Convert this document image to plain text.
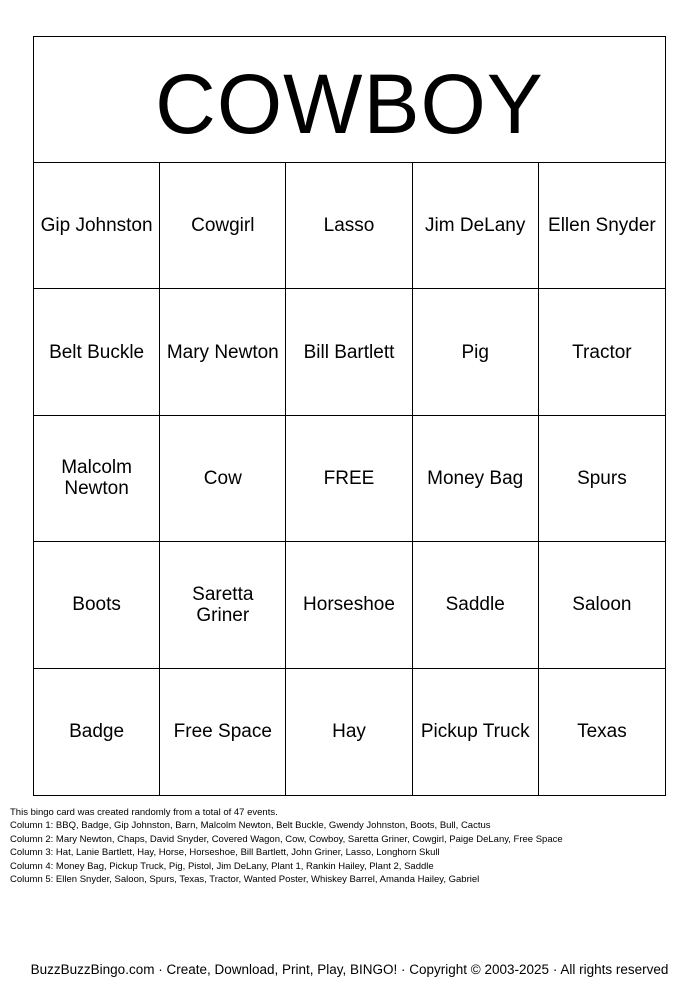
COWBOY
Gip Johnston	Cowgirl	Lasso	Jim DeLany	Ellen Snyder
Belt Buckle	Mary Newton	Bill Bartlett	Pig	Tractor
Malcolm Newton	Cow	FREE	Money Bag	Spurs
Boots	Saretta Griner	Horseshoe	Saddle	Saloon
Badge	Free Space	Hay	Pickup Truck	Texas
This bingo card was created randomly from a total of 47 events.
Column 1: BBQ, Badge, Gip Johnston, Barn, Malcolm Newton, Belt Buckle, Gwendy Johnston, Boots, Bull, Cactus
Column 2: Mary Newton, Chaps, David Snyder, Covered Wagon, Cow, Cowboy, Saretta Griner, Cowgirl, Paige DeLany, Free Space
Column 3: Hat, Lanie Bartlett, Hay, Horse, Horseshoe, Bill Bartlett, John Griner, Lasso, Longhorn Skull
Column 4: Money Bag, Pickup Truck, Pig, Pistol, Jim DeLany, Plant 1, Rankin Hailey, Plant 2, Saddle
Column 5: Ellen Snyder, Saloon, Spurs, Texas, Tractor, Wanted Poster, Whiskey Barrel, Amanda Hailey, Gabriel
BuzzBuzzBingo.com · Create, Download, Print, Play, BINGO! · Copyright © 2003-2025 · All rights reserved
